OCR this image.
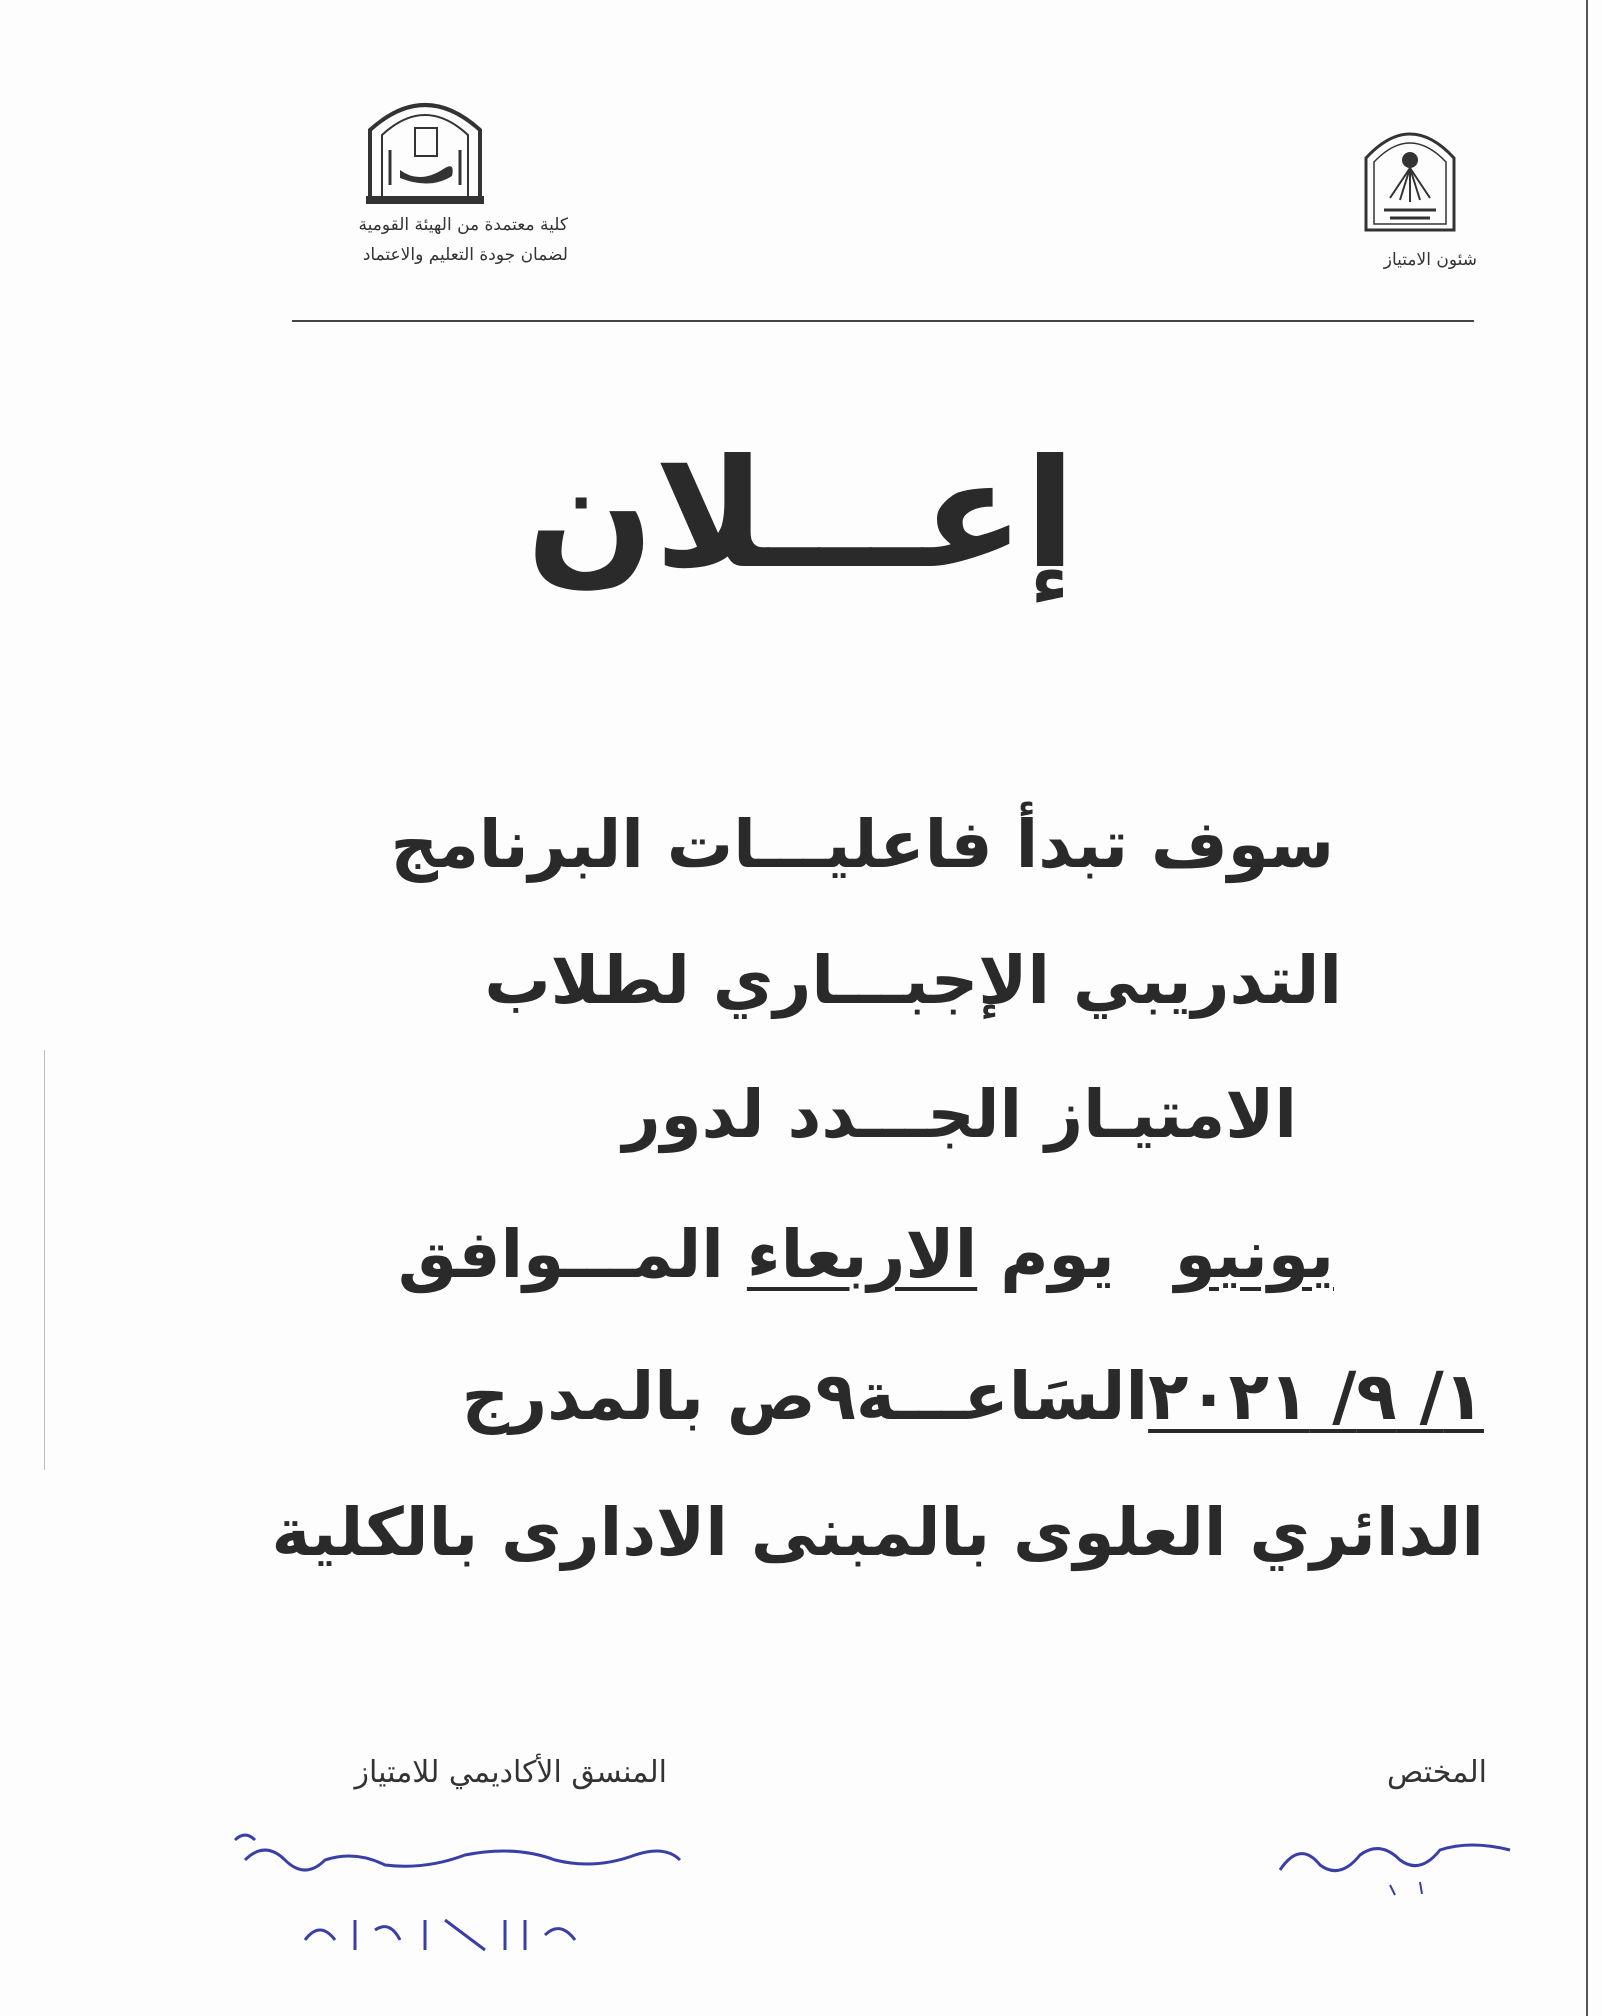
كلية معتمدة من الهيئة القومية
لضمان جودة التعليم والاعتماد	شئون الامتياز
إعـــلان
سوف تبدأ فاعليـــات البرنامج
التدريبي الإجبـــاري لطلاب
الامتيـاز الجـــدد لدور
يونيويوم الاربعاء المـــوافق
١/ ٩/ ٢٠٢١السَاعـــة٩ص بالمدرج
الدائري العلوى بالمبنى الادارى بالكلية
المنسق الأكاديمي للامتياز	المختص
